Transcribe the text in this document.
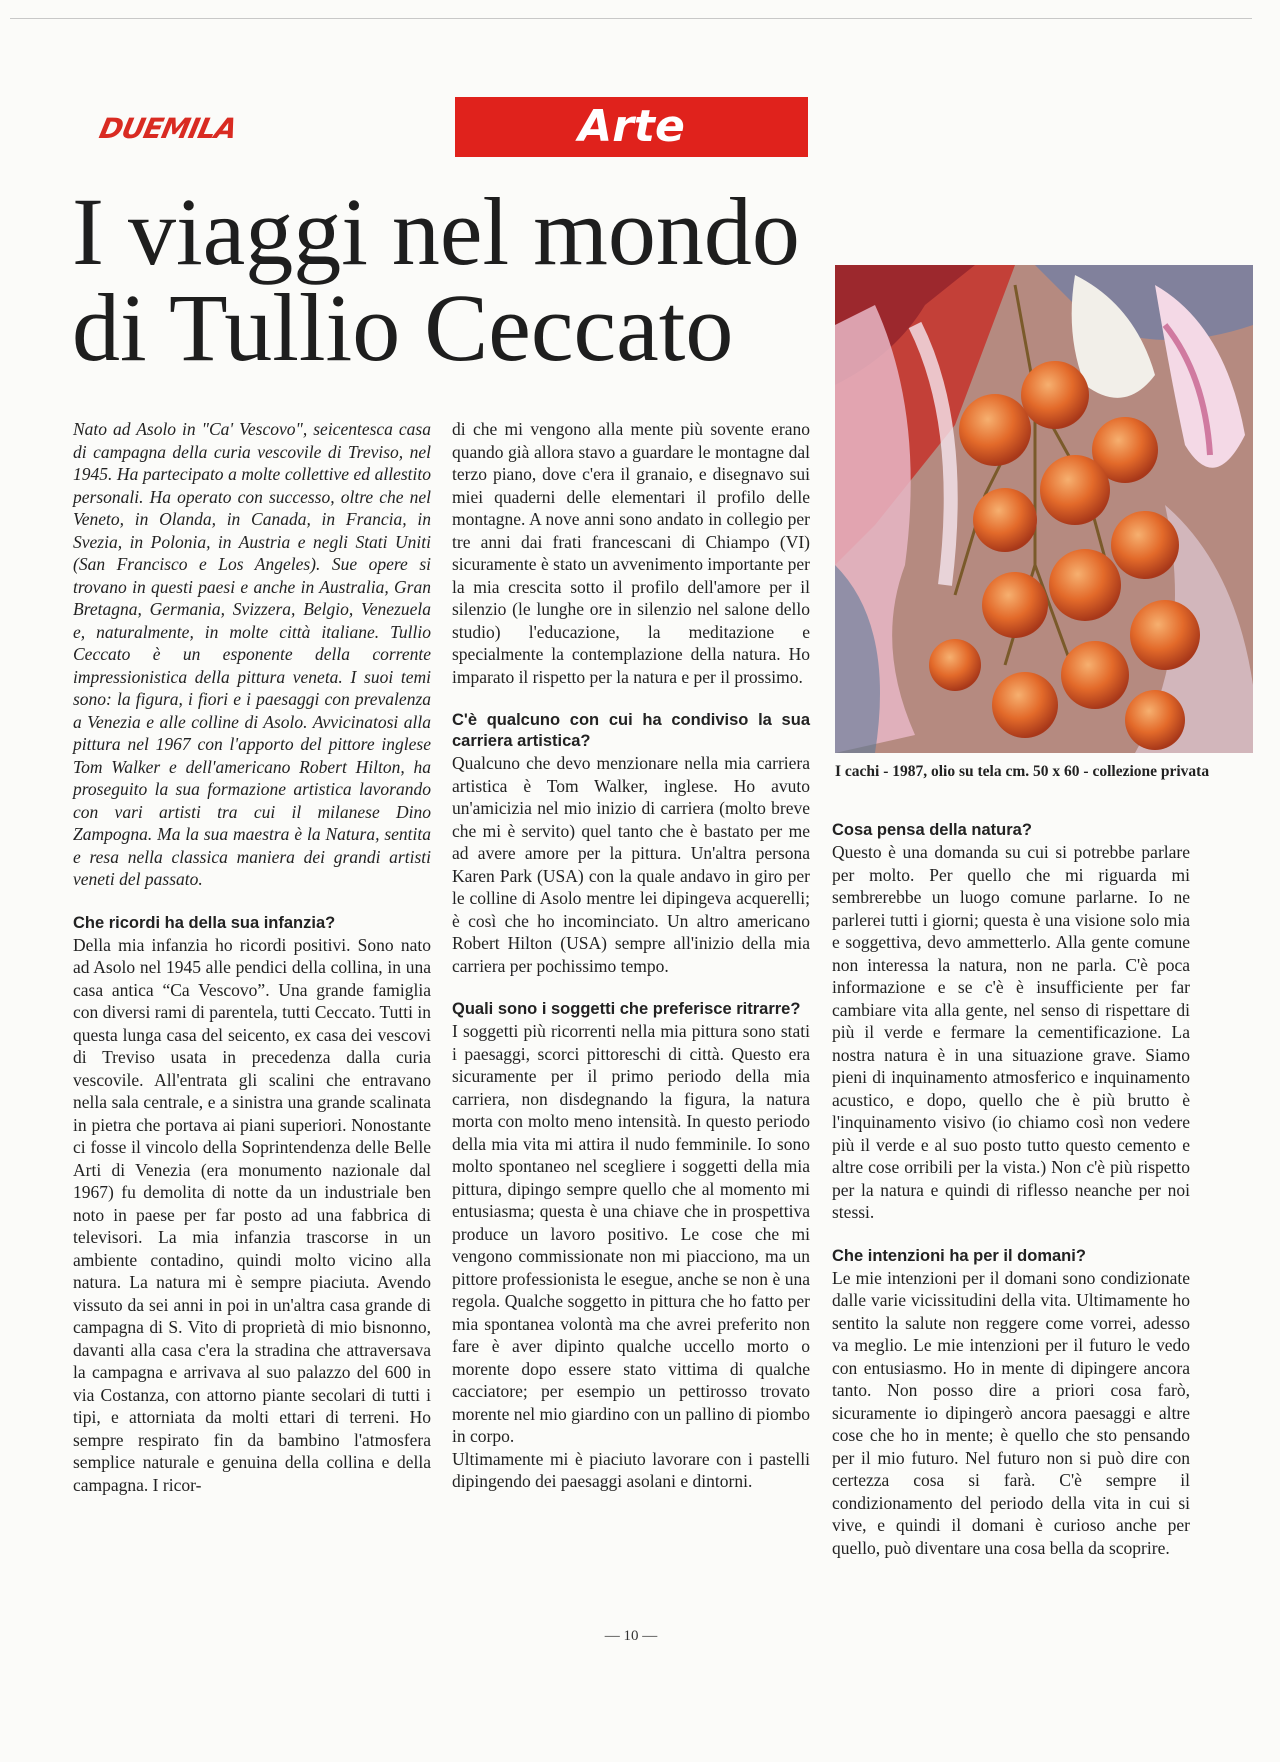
DUEMILA	Arte
I viaggi nel mondo
di Tullio Ceccato
I cachi - 1987, olio su tela cm. 50 x 60 - collezione privata

Nato ad Asolo in "Ca' Vescovo", seicentesca casa di campagna della curia vescovile di Treviso, nel 1945. Ha partecipato a molte collettive ed allestito personali. Ha operato con successo, oltre che nel Veneto, in Olanda, in Canada, in Francia, in Svezia, in Polonia, in Austria e negli Stati Uniti (San Francisco e Los Angeles). Sue opere si trovano in questi paesi e anche in Australia, Gran Bretagna, Germania, Svizzera, Belgio, Venezuela e, naturalmente, in molte città italiane. Tullio Ceccato è un esponente della corrente impressionistica della pittura veneta. I suoi temi sono: la figura, i fiori e i paesaggi con prevalenza a Venezia e alle colline di Asolo. Avvicinatosi alla pittura nel 1967 con l'apporto del pittore inglese Tom Walker e dell'americano Robert Hilton, ha proseguito la sua formazione artistica lavorando con vari artisti tra cui il milanese Dino Zampogna. Ma la sua maestra è la Natura, sentita e resa nella classica maniera dei grandi artisti veneti del passato.

Che ricordi ha della sua infanzia?

Della mia infanzia ho ricordi positivi. Sono nato ad Asolo nel 1945 alle pendici della collina, in una casa antica “Ca Vescovo”. Una grande famiglia con diversi rami di parentela, tutti Ceccato. Tutti in questa lunga casa del seicento, ex casa dei vescovi di Treviso usata in precedenza dalla curia vescovile. All'entrata gli scalini che entravano nella sala centrale, e a sinistra una grande scalinata in pietra che portava ai piani superiori. Nonostante ci fosse il vincolo della Soprintendenza delle Belle Arti di Venezia (era monumento nazionale dal 1967) fu demolita di notte da un industriale ben noto in paese per far posto ad una fabbrica di televisori. La mia infanzia trascorse in un ambiente contadino, quindi molto vicino alla natura. La natura mi è sempre piaciuta. Avendo vissuto da sei anni in poi in un'altra casa grande di campagna di S. Vito di proprietà di mio bisnonno, davanti alla casa c'era la stradina che attraversava la campagna e arrivava al suo palazzo del 600 in via Costanza, con attorno piante secolari di tutti i tipi, e attorniata da molti ettari di terreni. Ho sempre respirato fin da bambino l'atmosfera semplice naturale e genuina della collina e della campagna. I ricor-

di che mi vengono alla mente più sovente erano quando già allora stavo a guardare le montagne dal terzo piano, dove c'era il granaio, e disegnavo sui miei quaderni delle elementari il profilo delle montagne. A nove anni sono andato in collegio per tre anni dai frati francescani di Chiampo (VI) sicuramente è stato un avvenimento importante per la mia crescita sotto il profilo dell'amore per il silenzio (le lunghe ore in silenzio nel salone dello studio) l'educazione, la meditazione e specialmente la contemplazione della natura. Ho imparato il rispetto per la natura e per il prossimo.

C'è qualcuno con cui ha condiviso la sua carriera artistica?

Qualcuno che devo menzionare nella mia carriera artistica è Tom Walker, inglese. Ho avuto un'amicizia nel mio inizio di carriera (molto breve che mi è servito) quel tanto che è bastato per me ad avere amore per la pittura. Un'altra persona Karen Park (USA) con la quale andavo in giro per le colline di Asolo mentre lei dipingeva acquerelli; è così che ho incominciato. Un altro americano Robert Hilton (USA) sempre all'inizio della mia carriera per pochissimo tempo.

Quali sono i soggetti che preferisce ritrarre?

I soggetti più ricorrenti nella mia pittura sono stati i paesaggi, scorci pittoreschi di città. Questo era sicuramente per il primo periodo della mia carriera, non disdegnando la figura, la natura morta con molto meno intensità. In questo periodo della mia vita mi attira il nudo femminile. Io sono molto spontaneo nel scegliere i soggetti della mia pittura, dipingo sempre quello che al momento mi entusiasma; questa è una chiave che in prospettiva produce un lavoro positivo. Le cose che mi vengono commissionate non mi piacciono, ma un pittore professionista le esegue, anche se non è una regola. Qualche soggetto in pittura che ho fatto per mia spontanea volontà ma che avrei preferito non fare è aver dipinto qualche uccello morto o morente dopo essere stato vittima di qualche cacciatore; per esempio un pettirosso trovato morente nel mio giardino con un pallino di piombo in corpo.

Ultimamente mi è piaciuto lavorare con i pastelli dipingendo dei paesaggi asolani e dintorni.

Cosa pensa della natura?

Questo è una domanda su cui si potrebbe parlare per molto. Per quello che mi riguarda mi sembrerebbe un luogo comune parlarne. Io ne parlerei tutti i giorni; questa è una visione solo mia e soggettiva, devo ammetterlo. Alla gente comune non interessa la natura, non ne parla. C'è poca informazione e se c'è è insufficiente per far cambiare vita alla gente, nel senso di rispettare di più il verde e fermare la cementificazione. La nostra natura è in una situazione grave. Siamo pieni di inquinamento atmosferico e inquinamento acustico, e dopo, quello che è più brutto è l'inquinamento visivo (io chiamo così non vedere più il verde e al suo posto tutto questo cemento e altre cose orribili per la vista.) Non c'è più rispetto per la natura e quindi di riflesso neanche per noi stessi.

Che intenzioni ha per il domani?

Le mie intenzioni per il domani sono condizionate dalle varie vicissitudini della vita. Ultimamente ho sentito la salute non reggere come vorrei, adesso va meglio. Le mie intenzioni per il futuro le vedo con entusiasmo. Ho in mente di dipingere ancora tanto. Non posso dire a priori cosa farò, sicuramente io dipingerò ancora paesaggi e altre cose che ho in mente; è quello che sto pensando per il mio futuro. Nel futuro non si può dire con certezza cosa si farà. C'è sempre il condizionamento del periodo della vita in cui si vive, e quindi il domani è curioso anche per quello, può diventare una cosa bella da scoprire.

— 10 —
